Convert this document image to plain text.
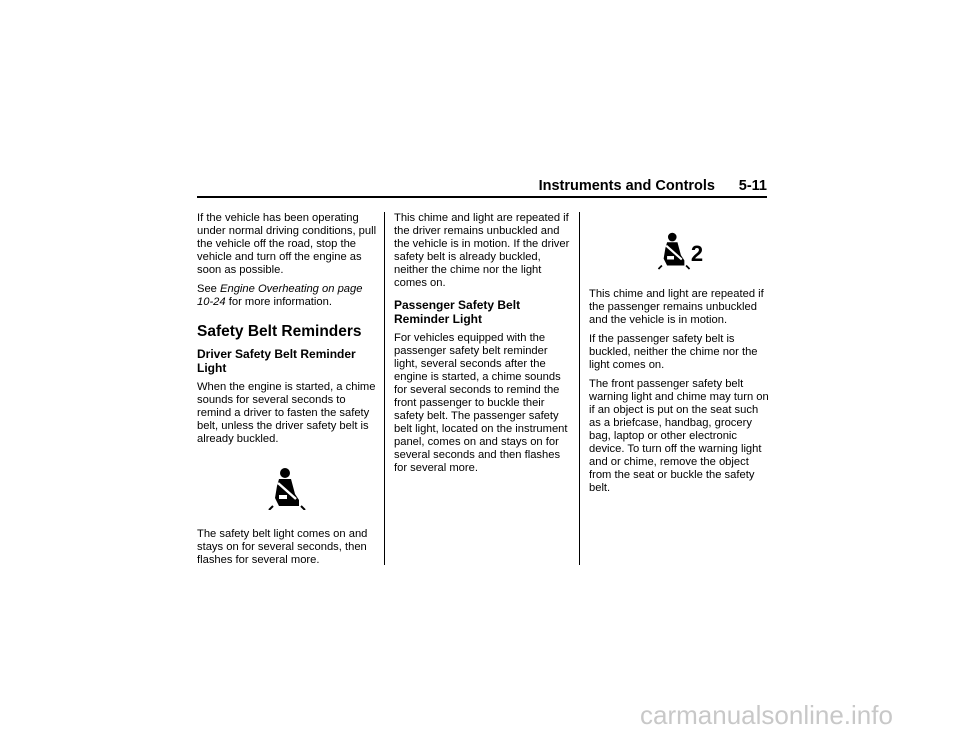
Instruments and Controls 5-11

If the vehicle has been operating under normal driving conditions, pull the vehicle off the road, stop the vehicle and turn off the engine as soon as possible.

See Engine Overheating on page 10-24 for more information.

Safety Belt Reminders
Driver Safety Belt Reminder Light

When the engine is started, a chime sounds for several seconds to remind a driver to fasten the safety belt, unless the driver safety belt is already buckled.

The safety belt light comes on and stays on for several seconds, then flashes for several more.

This chime and light are repeated if the driver remains unbuckled and the vehicle is in motion. If the driver safety belt is already buckled, neither the chime nor the light comes on.

Passenger Safety Belt Reminder Light

For vehicles equipped with the passenger safety belt reminder light, several seconds after the engine is started, a chime sounds for several seconds to remind the front passenger to buckle their safety belt. The passenger safety belt light, located on the instrument panel, comes on and stays on for several seconds and then flashes for several more.

2

This chime and light are repeated if the passenger remains unbuckled and the vehicle is in motion.

If the passenger safety belt is buckled, neither the chime nor the light comes on.

The front passenger safety belt warning light and chime may turn on if an object is put on the seat such as a briefcase, handbag, grocery bag, laptop or other electronic device. To turn off the warning light and or chime, remove the object from the seat or buckle the safety belt.

carmanualsonline.info
